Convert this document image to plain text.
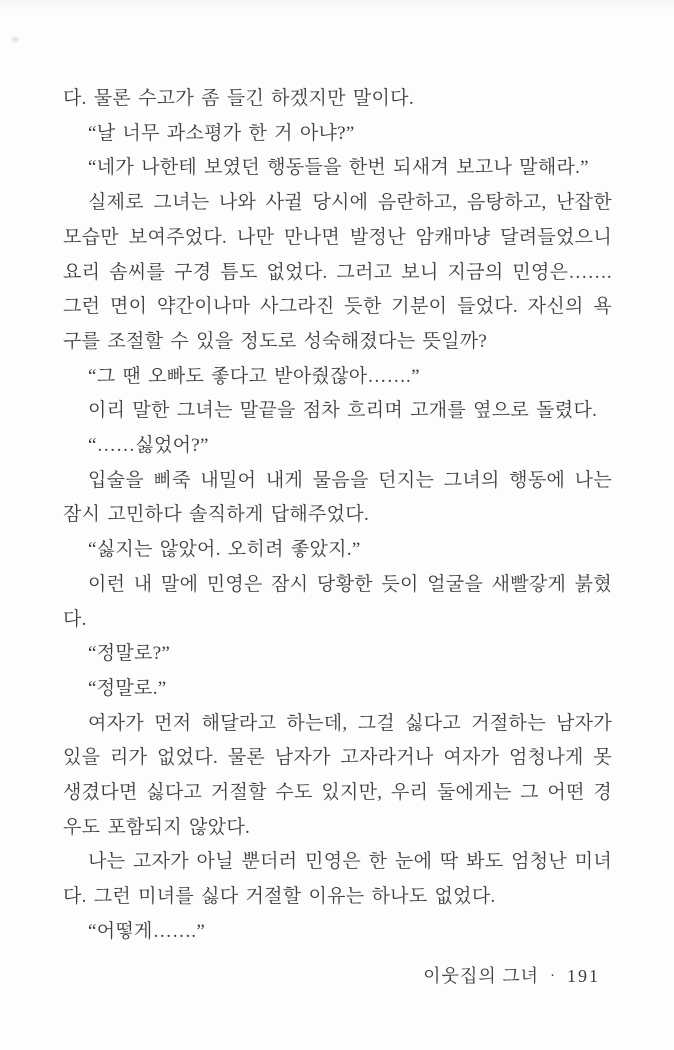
다. 물론 수고가 좀 들긴 하겠지만 말이다.
“날 너무 과소평가 한 거 아냐?”
“네가 나한테 보였던 행동들을 한번 되새겨 보고나 말해라.”
실제로 그녀는 나와 사귈 당시에 음란하고, 음탕하고, 난잡한
모습만 보여주었다. 나만 만나면 발정난 암캐마냥 달려들었으니
요리 솜씨를 구경 틈도 없었다. 그러고 보니 지금의 민영은…….
그런 면이 약간이나마 사그라진 듯한 기분이 들었다. 자신의 욕
구를 조절할 수 있을 정도로 성숙해졌다는 뜻일까?
“그 땐 오빠도 좋다고 받아줬잖아…….”
이리 말한 그녀는 말끝을 점차 흐리며 고개를 옆으로 돌렸다.
“……싫었어?”
입술을 삐죽 내밀어 내게 물음을 던지는 그녀의 행동에 나는
잠시 고민하다 솔직하게 답해주었다.
“싫지는 않았어. 오히려 좋았지.”
이런 내 말에 민영은 잠시 당황한 듯이 얼굴을 새빨갛게 붉혔
다.
“정말로?”
“정말로.”
여자가 먼저 해달라고 하는데, 그걸 싫다고 거절하는 남자가
있을 리가 없었다. 물론 남자가 고자라거나 여자가 엄청나게 못
생겼다면 싫다고 거절할 수도 있지만, 우리 둘에게는 그 어떤 경
우도 포함되지 않았다.
나는 고자가 아닐 뿐더러 민영은 한 눈에 딱 봐도 엄청난 미녀
다. 그런 미녀를 싫다 거절할 이유는 하나도 없었다.
“어떻게…….”
이웃집의 그녀 · 191
